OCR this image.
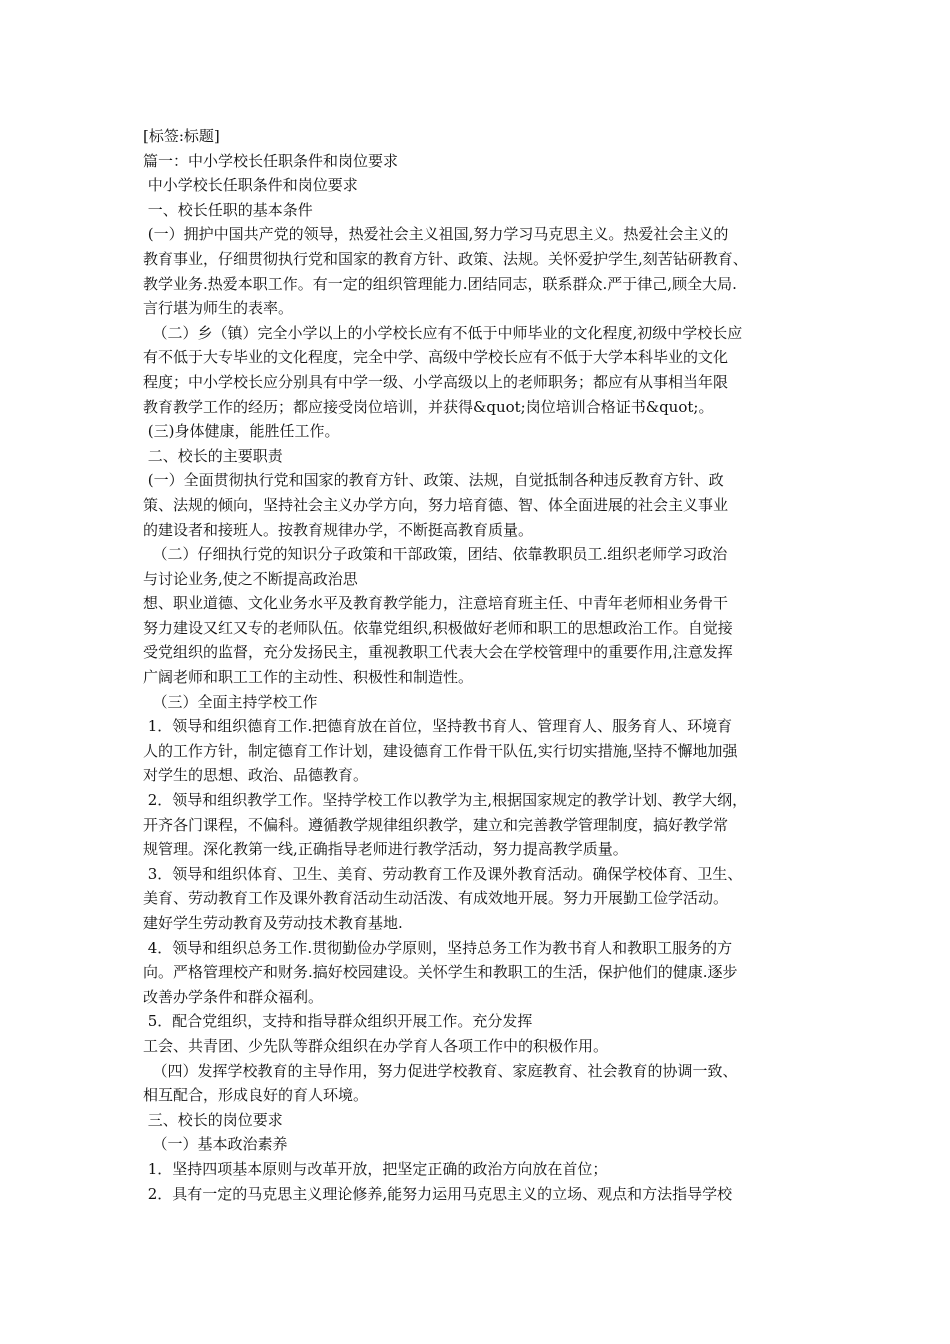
[标签:标题]
篇一：中小学校长任职条件和岗位要求
中小学校长任职条件和岗位要求
一、校长任职的基本条件
(一）拥护中国共产党的领导，热爱社会主义祖国,努力学习马克思主义。热爱社会主义的
教育事业，仔细贯彻执行党和国家的教育方针、政策、法规。关怀爱护学生,刻苦钻研教育、
教学业务.热爱本职工作。有一定的组织管理能力.团结同志，联系群众.严于律己,顾全大局.
言行堪为师生的表率。
（二）乡（镇）完全小学以上的小学校长应有不低于中师毕业的文化程度,初级中学校长应
有不低于大专毕业的文化程度，完全中学、高级中学校长应有不低于大学本科毕业的文化
程度；中小学校长应分别具有中学一级、小学高级以上的老师职务；都应有从事相当年限
教育教学工作的经历；都应接受岗位培训，并获得&quot;岗位培训合格证书&quot;。
(三)身体健康，能胜任工作。
二、校长的主要职责
(一）全面贯彻执行党和国家的教育方针、政策、法规，自觉抵制各种违反教育方针、政
策、法规的倾向，坚持社会主义办学方向，努力培育德、智、体全面进展的社会主义事业
的建设者和接班人。按教育规律办学，不断挺高教育质量。
（二）仔细执行党的知识分子政策和干部政策，团结、依靠教职员工.组织老师学习政治
与讨论业务,使之不断提高政治思
想、职业道德、文化业务水平及教育教学能力，注意培育班主任、中青年老师相业务骨干
努力建设又红又专的老师队伍。依靠党组织,积极做好老师和职工的思想政治工作。自觉接
受党组织的监督，充分发扬民主，重视教职工代表大会在学校管理中的重要作用,注意发挥
广阔老师和职工工作的主动性、积极性和制造性。
（三）全面主持学校工作
1．领导和组织德育工作.把德育放在首位，坚持教书育人、管理育人、服务育人、环境育
人的工作方针，制定德育工作计划，建设德育工作骨干队伍,实行切实措施,坚持不懈地加强
对学生的思想、政治、品德教育。
2．领导和组织教学工作。坚持学校工作以教学为主,根据国家规定的教学计划、教学大纲，
开齐各门课程，不偏科。遵循教学规律组织教学，建立和完善教学管理制度，搞好教学常
规管理。深化教第一线,正确指导老师进行教学活动，努力提高教学质量。
3．领导和组织体育、卫生、美育、劳动教育工作及课外教育活动。确保学校体育、卫生、
美育、劳动教育工作及课外教育活动生动活泼、有成效地开展。努力开展勤工俭学活动。
建好学生劳动教育及劳动技术教育基地.
4．领导和组织总务工作.贯彻勤俭办学原则，坚持总务工作为教书育人和教职工服务的方
向。严格管理校产和财务.搞好校园建设。关怀学生和教职工的生活，保护他们的健康.逐步
改善办学条件和群众福利。
5．配合党组织，支持和指导群众组织开展工作。充分发挥
工会、共青团、少先队等群众组织在办学育人各项工作中的积极作用。
（四）发挥学校教育的主导作用，努力促进学校教育、家庭教育、社会教育的协调一致、
相互配合，形成良好的育人环境。
三、校长的岗位要求
（一）基本政治素养
1．坚持四项基本原则与改革开放，把坚定正确的政治方向放在首位；
2．具有一定的马克思主义理论修养,能努力运用马克思主义的立场、观点和方法指导学校
